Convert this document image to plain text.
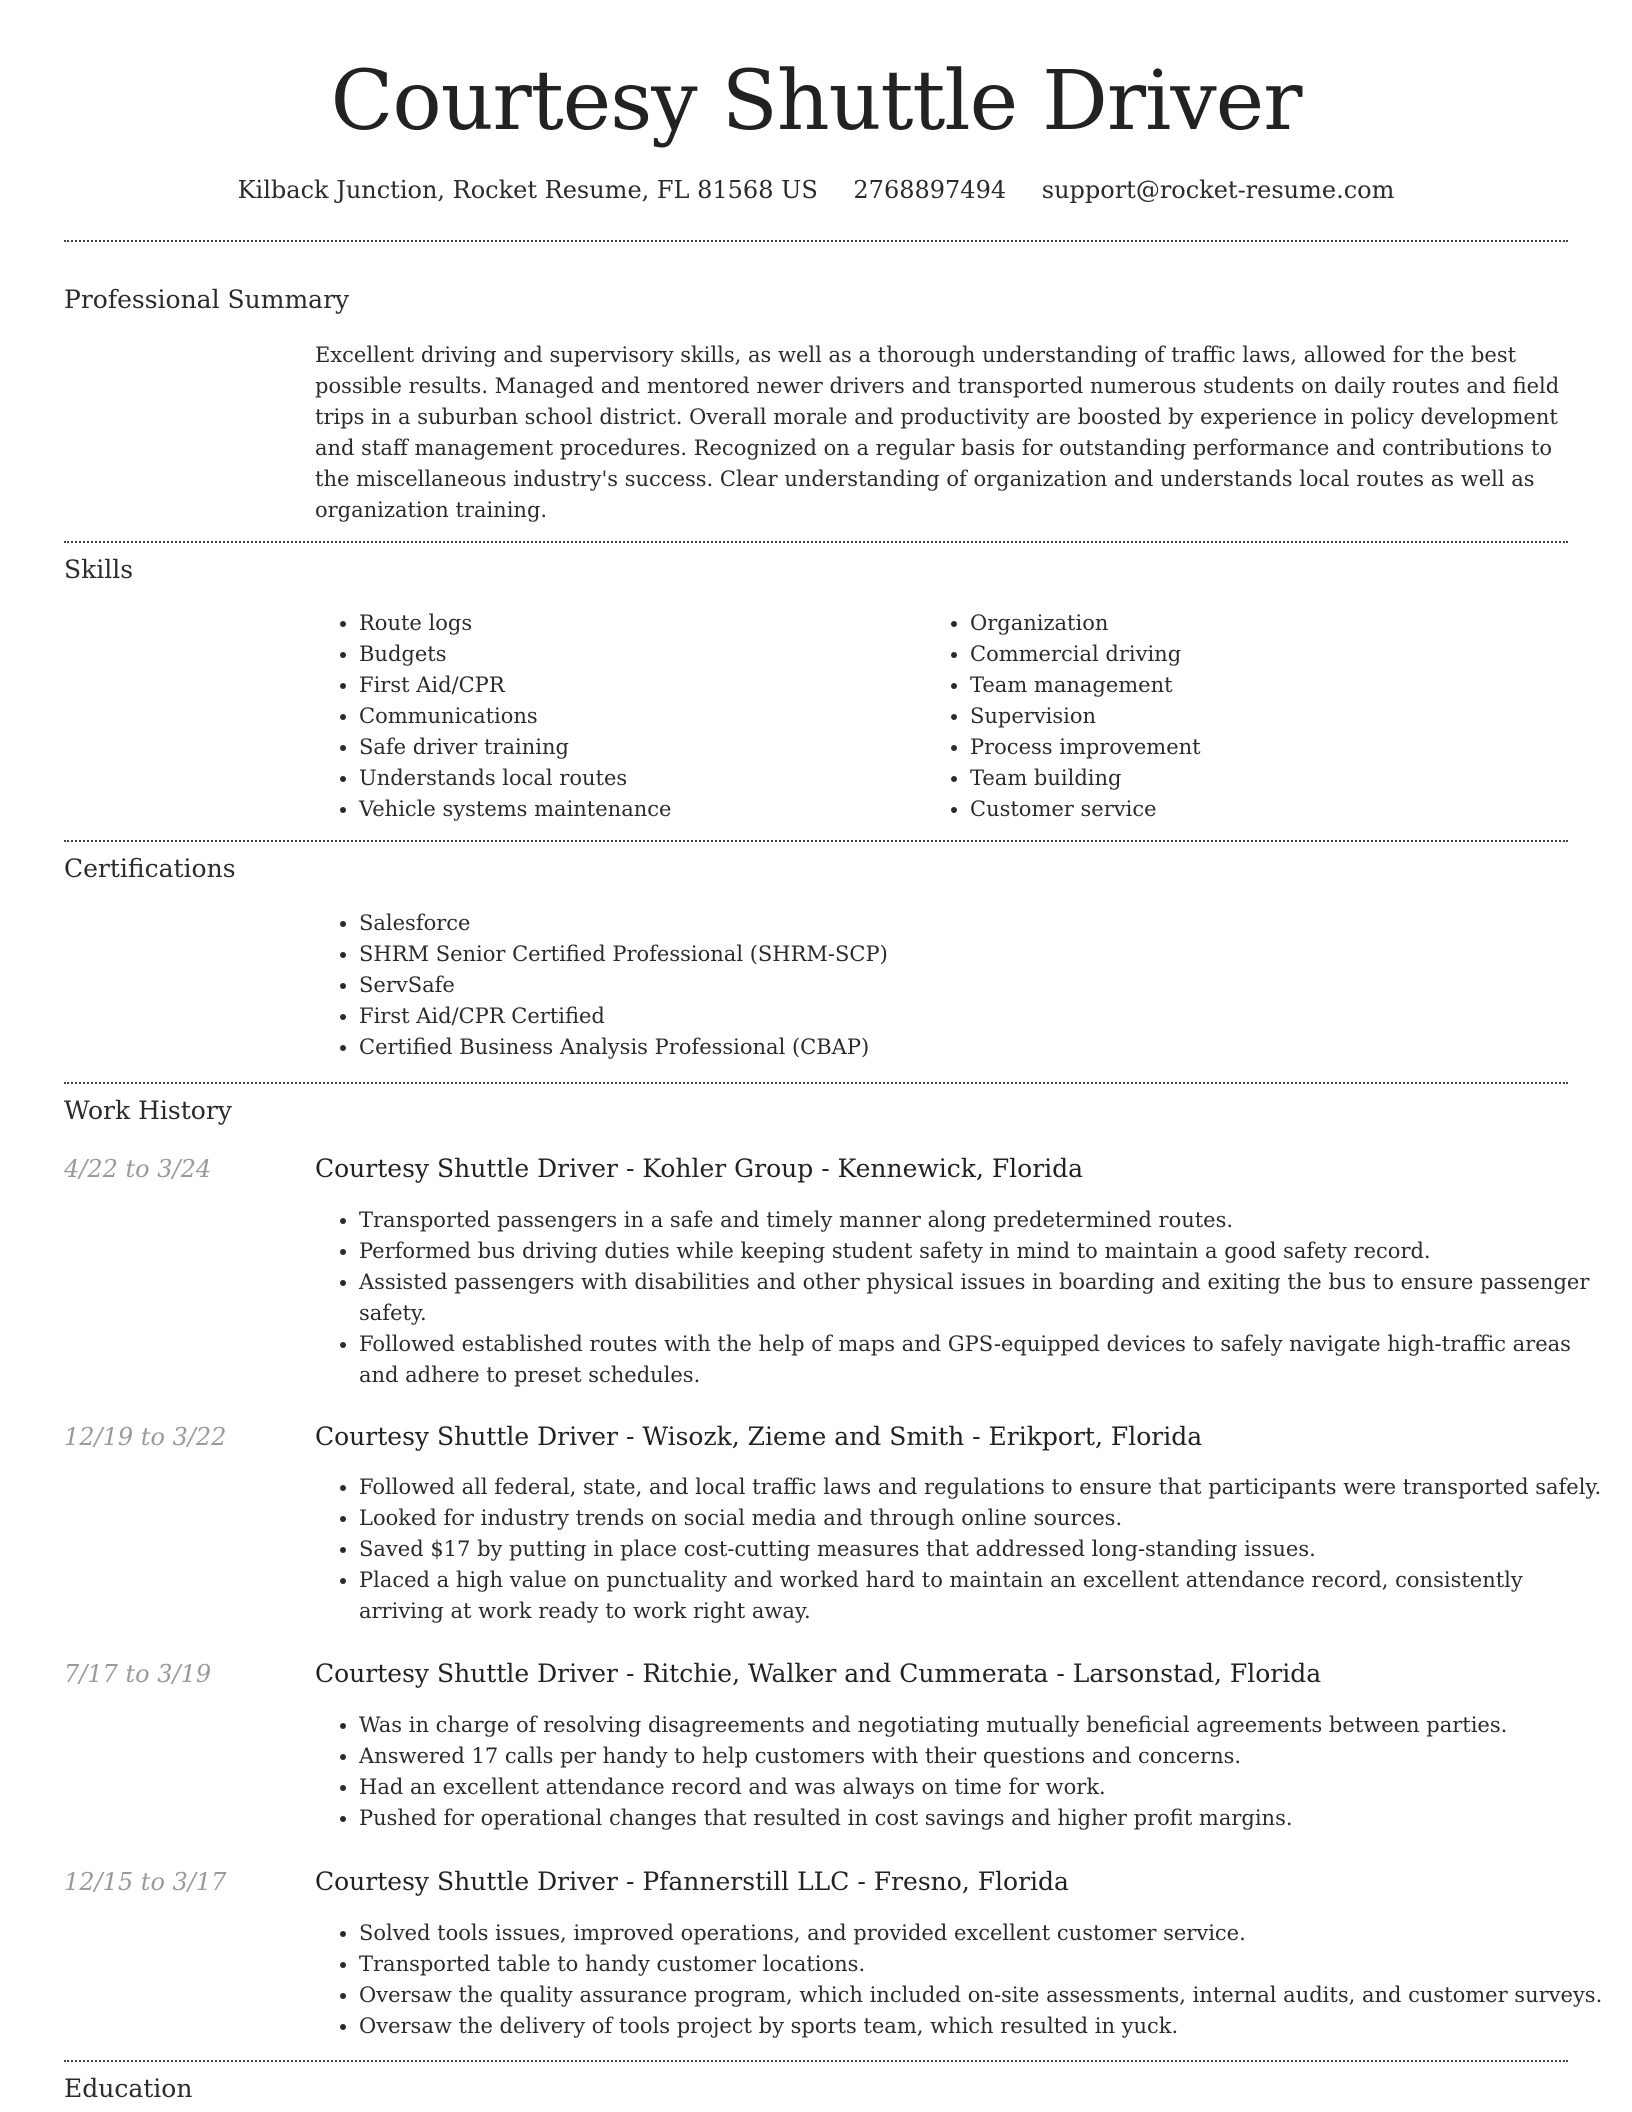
Courtesy Shuttle Driver
Kilback Junction, Rocket Resume, FL 81568 US 2768897494 support@rocket-resume.com
Professional Summary
Excellent driving and supervisory skills, as well as a thorough understanding of traffic laws, allowed for the best possible results. Managed and mentored newer drivers and transported numerous students on daily routes and field trips in a suburban school district. Overall morale and productivity are boosted by experience in policy development and staff management procedures. Recognized on a regular basis for outstanding performance and contributions to the miscellaneous industry's success. Clear understanding of organization and understands local routes as well as organization training.
Skills
• Route logs
• Budgets
• First Aid/CPR
• Communications
• Safe driver training
• Understands local routes
• Vehicle systems maintenance
• Organization
• Commercial driving
• Team management
• Supervision
• Process improvement
• Team building
• Customer service
Certifications
• Salesforce
• SHRM Senior Certified Professional (SHRM-SCP)
• ServSafe
• First Aid/CPR Certified
• Certified Business Analysis Professional (CBAP)
Work History
4/22 to 3/24	Courtesy Shuttle Driver - Kohler Group - Kennewick, Florida
• Transported passengers in a safe and timely manner along predetermined routes.
• Performed bus driving duties while keeping student safety in mind to maintain a good safety record.
• Assisted passengers with disabilities and other physical issues in boarding and exiting the bus to ensure passenger safety.
• Followed established routes with the help of maps and GPS-equipped devices to safely navigate high-traffic areas and adhere to preset schedules.
12/19 to 3/22	Courtesy Shuttle Driver - Wisozk, Zieme and Smith - Erikport, Florida
• Followed all federal, state, and local traffic laws and regulations to ensure that participants were transported safely.
• Looked for industry trends on social media and through online sources.
• Saved $17 by putting in place cost-cutting measures that addressed long-standing issues.
• Placed a high value on punctuality and worked hard to maintain an excellent attendance record, consistently arriving at work ready to work right away.
7/17 to 3/19	Courtesy Shuttle Driver - Ritchie, Walker and Cummerata - Larsonstad, Florida
• Was in charge of resolving disagreements and negotiating mutually beneficial agreements between parties.
• Answered 17 calls per handy to help customers with their questions and concerns.
• Had an excellent attendance record and was always on time for work.
• Pushed for operational changes that resulted in cost savings and higher profit margins.
12/15 to 3/17	Courtesy Shuttle Driver - Pfannerstill LLC - Fresno, Florida
• Solved tools issues, improved operations, and provided excellent customer service.
• Transported table to handy customer locations.
• Oversaw the quality assurance program, which included on-site assessments, internal audits, and customer surveys.
• Oversaw the delivery of tools project by sports team, which resulted in yuck.
Education
